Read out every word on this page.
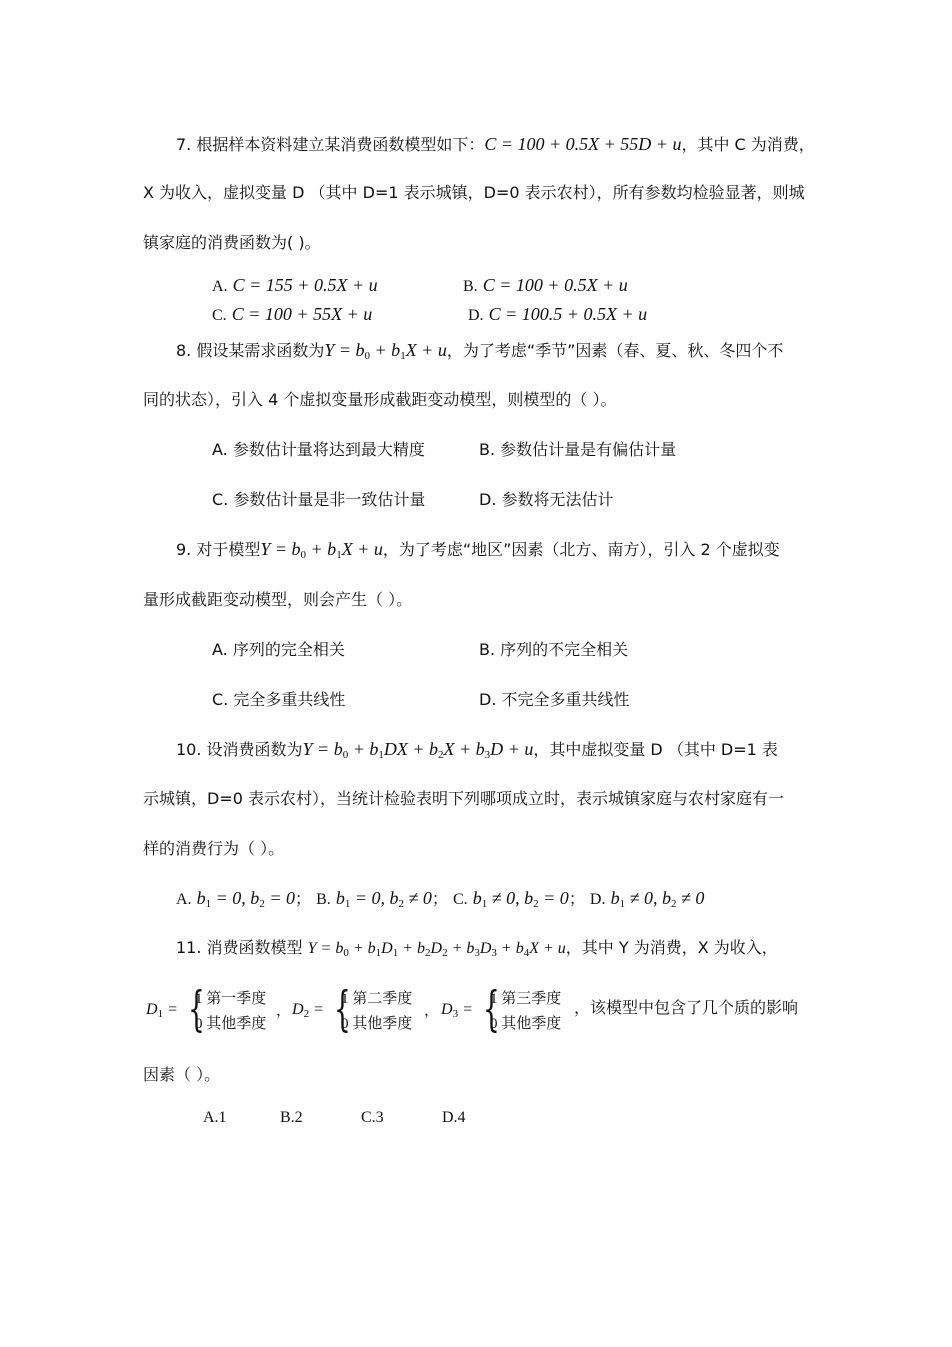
7. 根据样本资料建立某消费函数模型如下：C = 100 + 0.5X + 55D + u，其中 C 为消费，
X 为收入，虚拟变量 D （其中 D=1 表示城镇，D=0 表示农村），所有参数均检验显著，则城
镇家庭的消费函数为( )。
A. C = 155 + 0.5X + u	B. C = 100 + 0.5X + u
C. C = 100 + 55X + u	D. C = 100.5 + 0.5X + u
8. 假设某需求函数为$Y = b_0 + b_1X + u$，为了考虑“季节”因素（春、夏、秋、冬四个不
同的状态），引入 4 个虚拟变量形成截距变动模型，则模型的（ ）。
A. 参数估计量将达到最大精度	B. 参数估计量是有偏估计量
C. 参数估计量是非一致估计量	D. 参数将无法估计
9. 对于模型$Y = b_0 + b_1X + u$，为了考虑“地区”因素（北方、南方），引入 2 个虚拟变
量形成截距变动模型，则会产生（ ）。
A. 序列的完全相关	B. 序列的不完全相关
C. 完全多重共线性	D. 不完全多重共线性
10. 设消费函数为$Y = b_0 + b_1DX + b_2X + b_3D + u$，其中虚拟变量 D （其中 D=1 表
示城镇，D=0 表示农村），当统计检验表明下列哪项成立时，表示城镇家庭与农村家庭有一
样的消费行为（ ）。
A. $b_1 = 0$, $b_2 = 0$； B. $b_1 = 0$, $b_2 \ne 0$； C. $b_1 \ne 0$, $b_2 = 0$； D. $b_1 \ne 0$, $b_2 \ne 0$
11. 消费函数模型 $Y = b_0 + b_1D_1 + b_2D_2 + b_3D_3 + b_4X + u$，其中 Y 为消费，X 为收入，
$D_1$ = {
1 第一季度
0 其他季度
， $D_2$ = {
1 第二季度
0 其他季度
， $D_3$ = {
1 第三季度
0 其他季度
，该模型中包含了几个质的影响
因素（ ）。
A.1	B.2	C.3	D.4
